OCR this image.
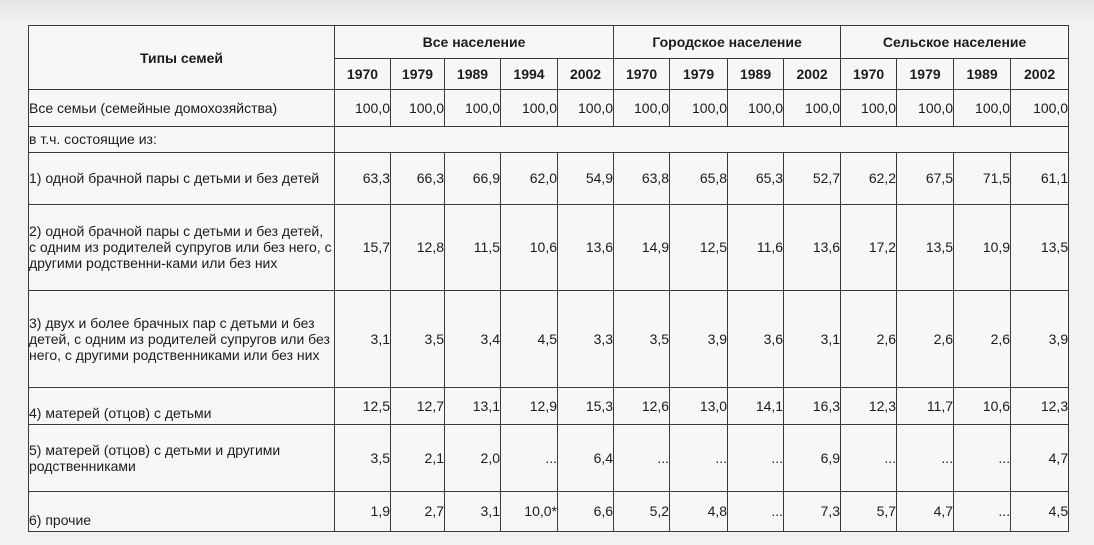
Типы семей	Все население					Городское население				Сельское население			
	1970	1979	1989	1994	2002	1970	1979	1989	2002	1970	1979	1989	2002
Все семьи (семейные домохозяйства)	100,0	100,0	100,0	100,0	100,0	100,0	100,0	100,0	100,0	100,0	100,0	100,0	100,0
в т.ч. состоящие из:													
1) одной брачной пары с детьми и без детей	63,3	66,3	66,9	62,0	54,9	63,8	65,8	65,3	52,7	62,2	67,5	71,5	61,1
2) одной брачной пары с детьми и без детей, с одним из родителей супругов или без него, с другими родственни-ками или без них	15,7	12,8	11,5	10,6	13,6	14,9	12,5	11,6	13,6	17,2	13,5	10,9	13,5
3) двух и более брачных пар с детьми и без детей, с одним из родителей супругов или без него, с другими родственниками или без них	3,1	3,5	3,4	4,5	3,3	3,5	3,9	3,6	3,1	2,6	2,6	2,6	3,9
4) матерей (отцов) с детьми	12,5	12,7	13,1	12,9	15,3	12,6	13,0	14,1	16,3	12,3	11,7	10,6	12,3
5) матерей (отцов) с детьми и другими родственниками	3,5	2,1	2,0	...	6,4	...	...	...	6,9	...	...	...	4,7
6) прочие	1,9	2,7	3,1	10,0*	6,6	5,2	4,8	...	7,3	5,7	4,7	...	4,5
